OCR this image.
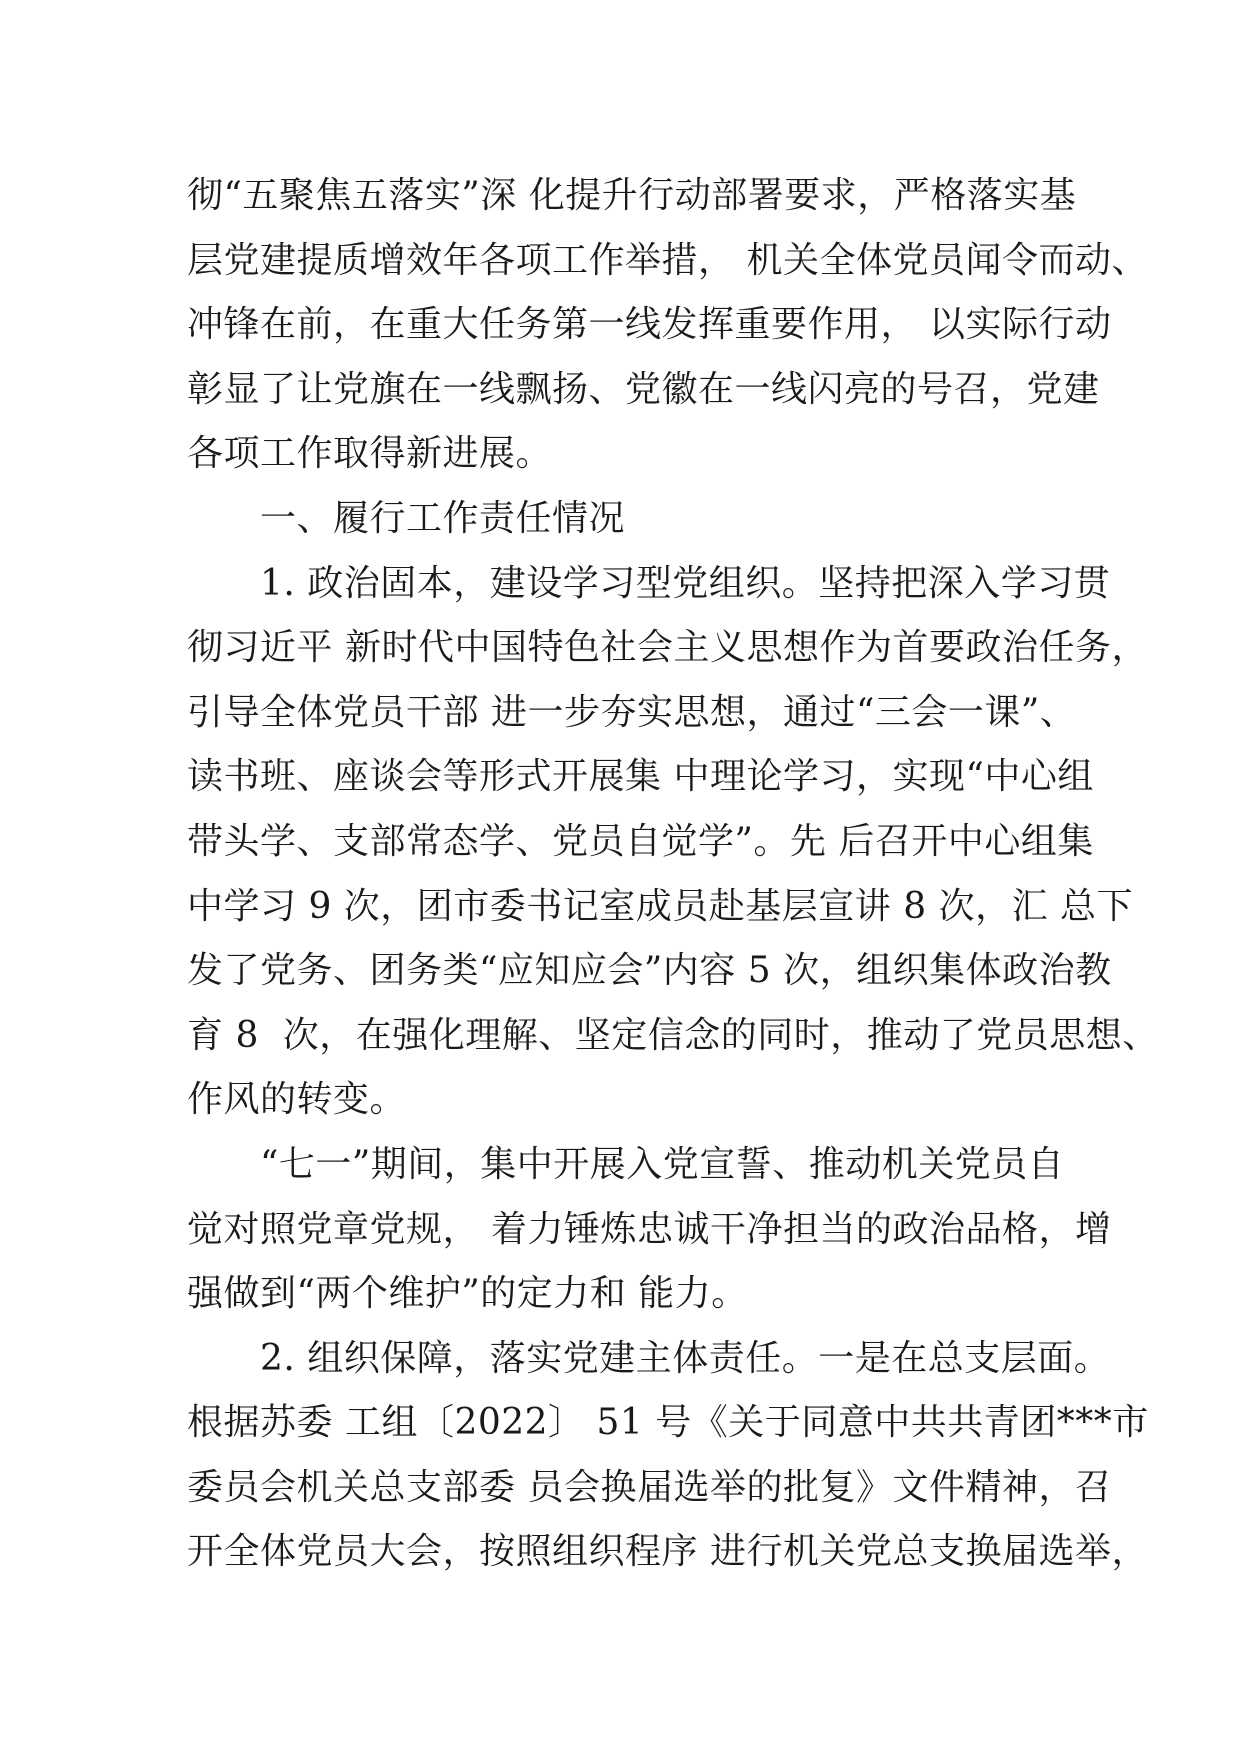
彻“五聚焦五落实”深 化提升行动部署要求，严格落实基
层党建提质增效年各项工作举措， 机关全体党员闻令而动、
冲锋在前，在重大任务第一线发挥重要作用， 以实际行动
彰显了让党旗在一线飘扬、党徽在一线闪亮的号召，党建
各项工作取得新进展。
　　一、履行工作责任情况
　　1. 政治固本，建设学习型党组织。坚持把深入学习贯
彻习近平 新时代中国特色社会主义思想作为首要政治任务，
引导全体党员干部 进一步夯实思想，通过“三会一课”、
读书班、座谈会等形式开展集 中理论学习，实现“中心组
带头学、支部常态学、党员自觉学”。先 后召开中心组集
中学习 9 次，团市委书记室成员赴基层宣讲 8 次，汇 总下
发了党务、团务类“应知应会”内容 5 次，组织集体政治教
育 8  次，在强化理解、坚定信念的同时，推动了党员思想、
作风的转变。
　　“七一”期间，集中开展入党宣誓、推动机关党员自
觉对照党章党规， 着力锤炼忠诚干净担当的政治品格，增
强做到“两个维护”的定力和 能力。
　　2. 组织保障，落实党建主体责任。一是在总支层面。
根据苏委 工组〔2022〕 51 号《关于同意中共共青团***市
委员会机关总支部委 员会换届选举的批复》文件精神，召
开全体党员大会，按照组织程序 进行机关党总支换届选举，
